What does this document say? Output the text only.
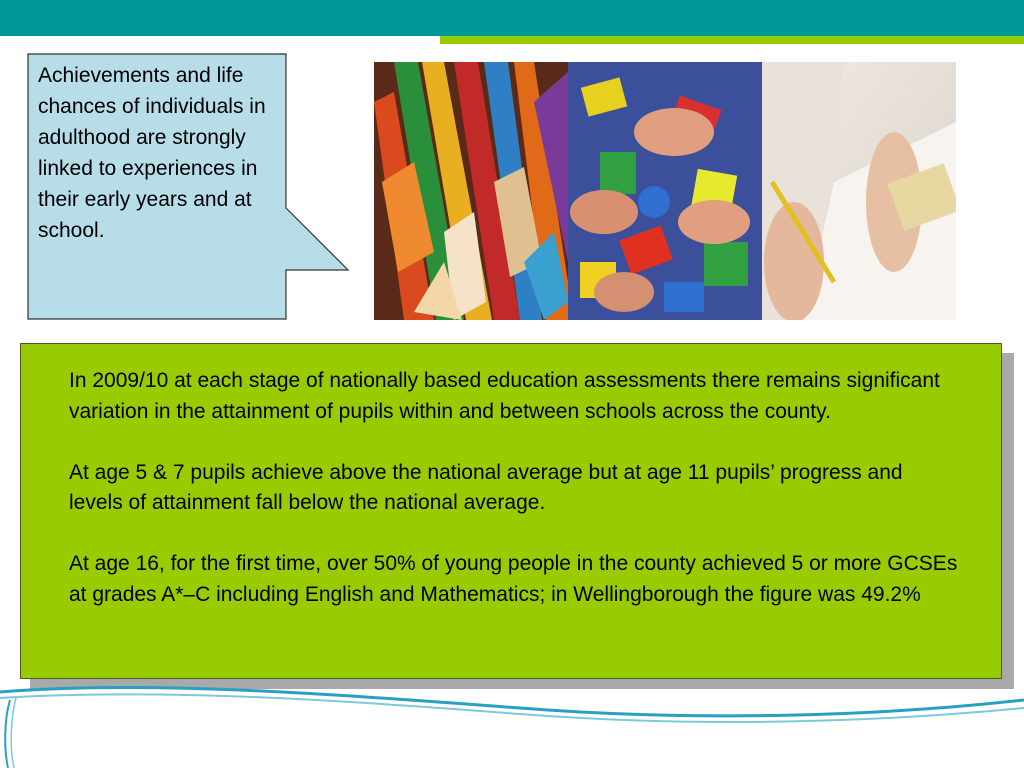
Achievements and life chances of individuals in adulthood are strongly linked to experiences in their early years and at school.

In 2009/10 at each stage of nationally based education assessments there remains significant variation in the attainment of pupils within and between schools across the county.

At age 5 & 7 pupils achieve above the national average but at age 11 pupils’ progress and levels of attainment fall below the national average.

At age 16, for the first time, over 50% of young people in the county achieved 5 or more GCSEs at grades A*–C including English and Mathematics; in Wellingborough the figure was 49.2%
